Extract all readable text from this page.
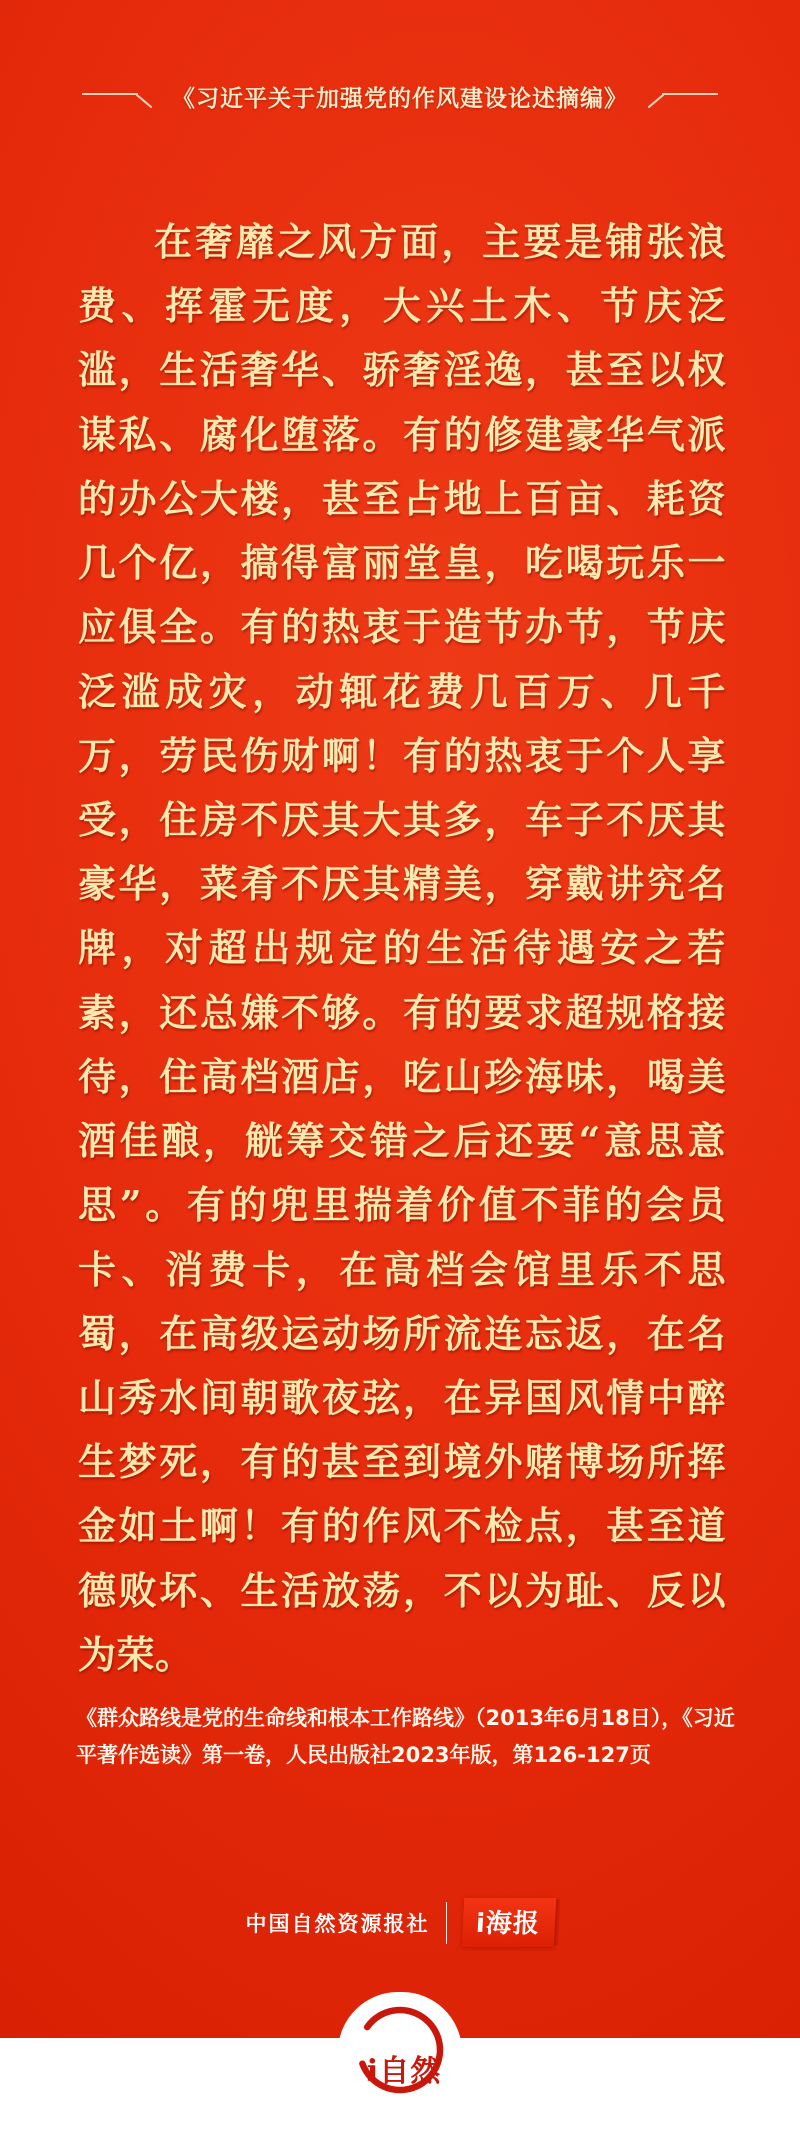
《习近平关于加强党的作风建设论述摘编》
在奢靡之风方面，主要是铺张浪费、挥霍无度，大兴土木、节庆泛滥，生活奢华、骄奢淫逸，甚至以权谋私、腐化堕落。有的修建豪华气派的办公大楼，甚至占地上百亩、耗资几个亿，搞得富丽堂皇，吃喝玩乐一应俱全。有的热衷于造节办节，节庆泛滥成灾，动辄花费几百万、几千万，劳民伤财啊！有的热衷于个人享受，住房不厌其大其多，车子不厌其豪华，菜肴不厌其精美，穿戴讲究名牌，对超出规定的生活待遇安之若素，还总嫌不够。有的要求超规格接待，住高档酒店，吃山珍海味，喝美酒佳酿，觥筹交错之后还要“意思意思”。有的兜里揣着价值不菲的会员卡、消费卡，在高档会馆里乐不思蜀，在高级运动场所流连忘返，在名山秀水间朝歌夜弦，在异国风情中醉生梦死，有的甚至到境外赌博场所挥金如土啊！有的作风不检点，甚至道德败坏、生活放荡，不以为耻、反以为荣。
《群众路线是党的生命线和根本工作路线》（2013年6月18日），《习近平著作选读》第一卷，人民出版社2023年版，第126-127页
中国自然资源报社	i海报
i自然
